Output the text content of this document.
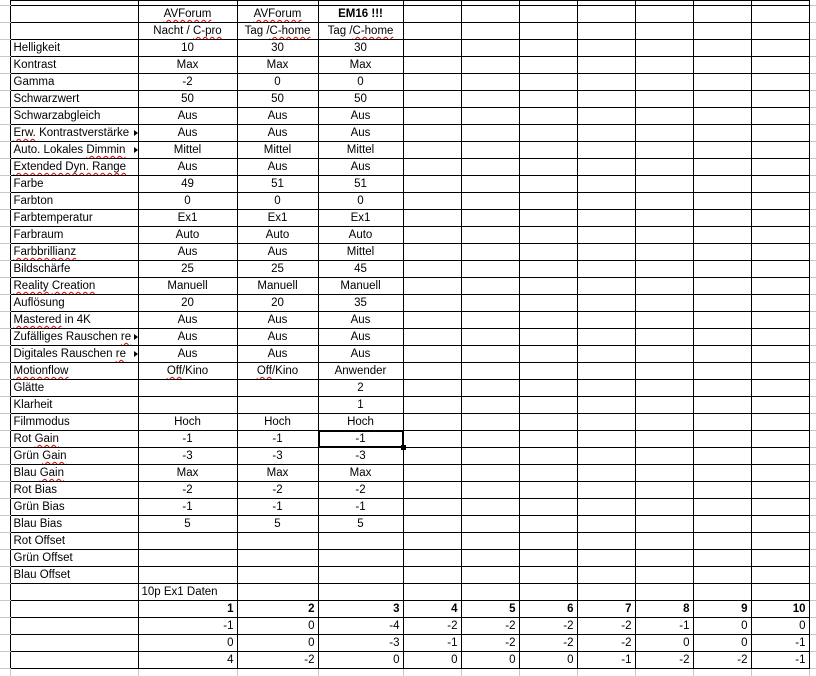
		AVForum	AVForum	EM16 !!!								
		Nacht / C-pro	Tag /C-home	Tag /C-home								
	Helligkeit	10	30	30								
	Kontrast	Max	Max	Max								
	Gamma	-2	0	0								
	Schwarzwert	50	50	50								
	Schwarzabgleich	Aus	Aus	Aus								
	Erw. Kontrastverstärke	Aus	Aus	Aus								
	Auto. Lokales Dimmin	Mittel	Mittel	Mittel								
	Extended Dyn. Range	Aus	Aus	Aus								
	Farbe	49	51	51								
	Farbton	0	0	0								
	Farbtemperatur	Ex1	Ex1	Ex1								
	Farbraum	Auto	Auto	Auto								
	Farbbrillianz	Aus	Aus	Mittel								
	Bildschärfe	25	25	45								
	Reality Creation	Manuell	Manuell	Manuell								
	Auflösung	20	20	35								
	Mastered in 4K	Aus	Aus	Aus								
	Zufälliges Rauschen re	Aus	Aus	Aus								
	Digitales Rauschen re	Aus	Aus	Aus								
	Motionflow	Off/Kino	Off/Kino	Anwender								
	Glätte			2								
	Klarheit			1								
	Filmmodus	Hoch	Hoch	Hoch								
	Rot Gain	-1	-1	-1

	Grün Gain	-3	-3	-3								
	Blau Gain	Max	Max	Max								
	Rot Bias	-2	-2	-2								
	Grün Bias	-1	-1	-1								
	Blau Bias	5	5	5								
	Rot Offset											
	Grün Offset											
	Blau Offset											
		10p Ex1 Daten										
		1	2	3	4	5	6	7	8	9	10	
		-1	0	-4	-2	-2	-2	-2	-1	0	0	
		0	0	-3	-1	-2	-2	-2	0	0	-1	
		4	-2	0	0	0	0	-1	-2	-2	-1	
